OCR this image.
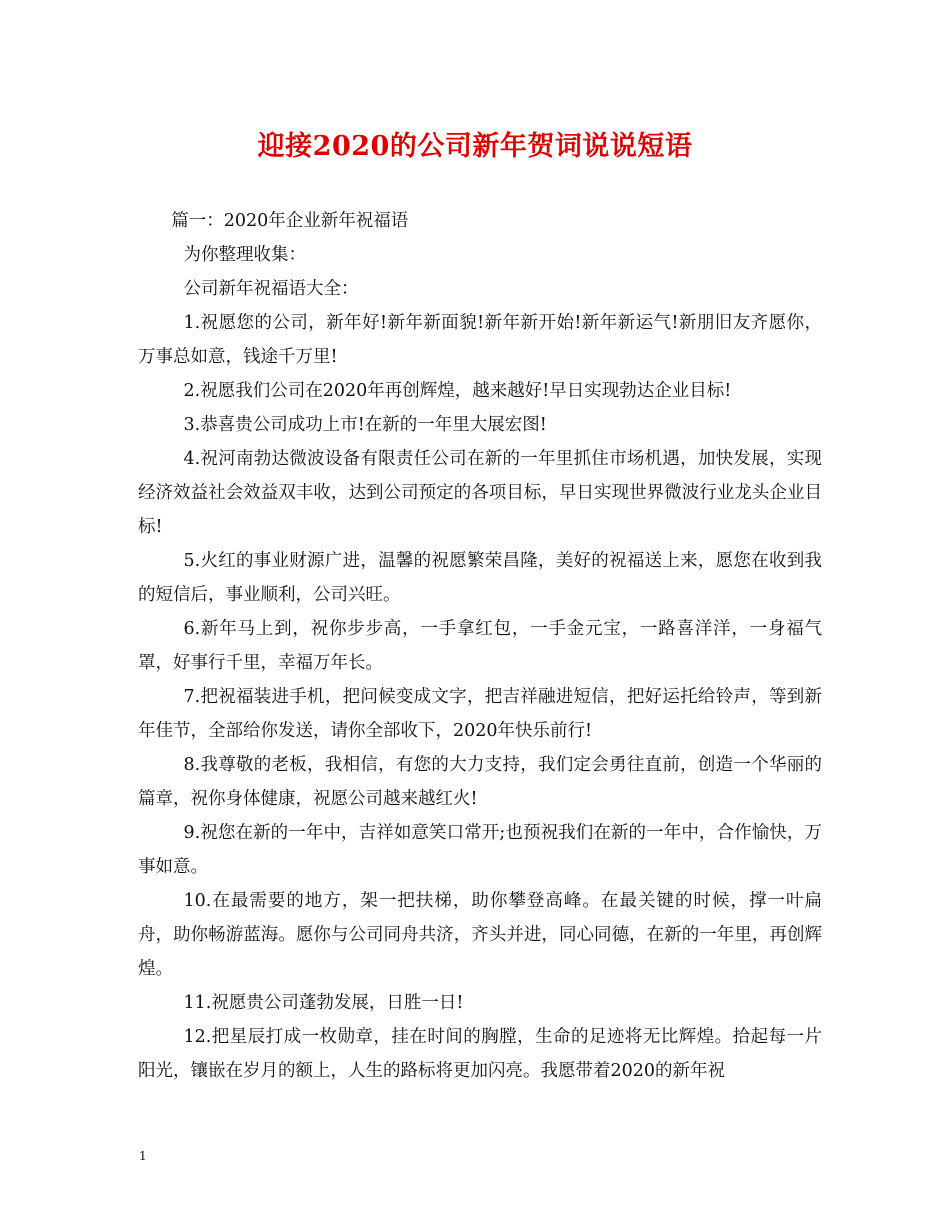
迎接2020的公司新年贺词说说短语

篇一：2020年企业新年祝福语

为你整理收集：

公司新年祝福语大全：

1.祝愿您的公司，新年好!新年新面貌!新年新开始!新年新运气!新朋旧友齐愿你，万事总如意，钱途千万里!

2.祝愿我们公司在2020年再创辉煌，越来越好!早日实现勃达企业目标!

3.恭喜贵公司成功上市!在新的一年里大展宏图!

4.祝河南勃达微波设备有限责任公司在新的一年里抓住市场机遇，加快发展，实现经济效益社会效益双丰收，达到公司预定的各项目标，早日实现世界微波行业龙头企业目标!

5.火红的事业财源广进，温馨的祝愿繁荣昌隆，美好的祝福送上来，愿您在收到我的短信后，事业顺利，公司兴旺。

6.新年马上到，祝你步步高，一手拿红包，一手金元宝，一路喜洋洋，一身福气罩，好事行千里，幸福万年长。

7.把祝福装进手机，把问候变成文字，把吉祥融进短信，把好运托给铃声，等到新年佳节，全部给你发送，请你全部收下，2020年快乐前行!

8.我尊敬的老板，我相信，有您的大力支持，我们定会勇往直前，创造一个华丽的篇章，祝你身体健康，祝愿公司越来越红火!

9.祝您在新的一年中，吉祥如意笑口常开;也预祝我们在新的一年中，合作愉快，万事如意。

10.在最需要的地方，架一把扶梯，助你攀登高峰。在最关键的时候，撑一叶扁舟，助你畅游蓝海。愿你与公司同舟共济，齐头并进，同心同德，在新的一年里，再创辉煌。

11.祝愿贵公司蓬勃发展，日胜一日!

12.把星辰打成一枚勋章，挂在时间的胸膛，生命的足迹将无比辉煌。拾起每一片阳光，镶嵌在岁月的额上，人生的路标将更加闪亮。我愿带着2020的新年祝

1
